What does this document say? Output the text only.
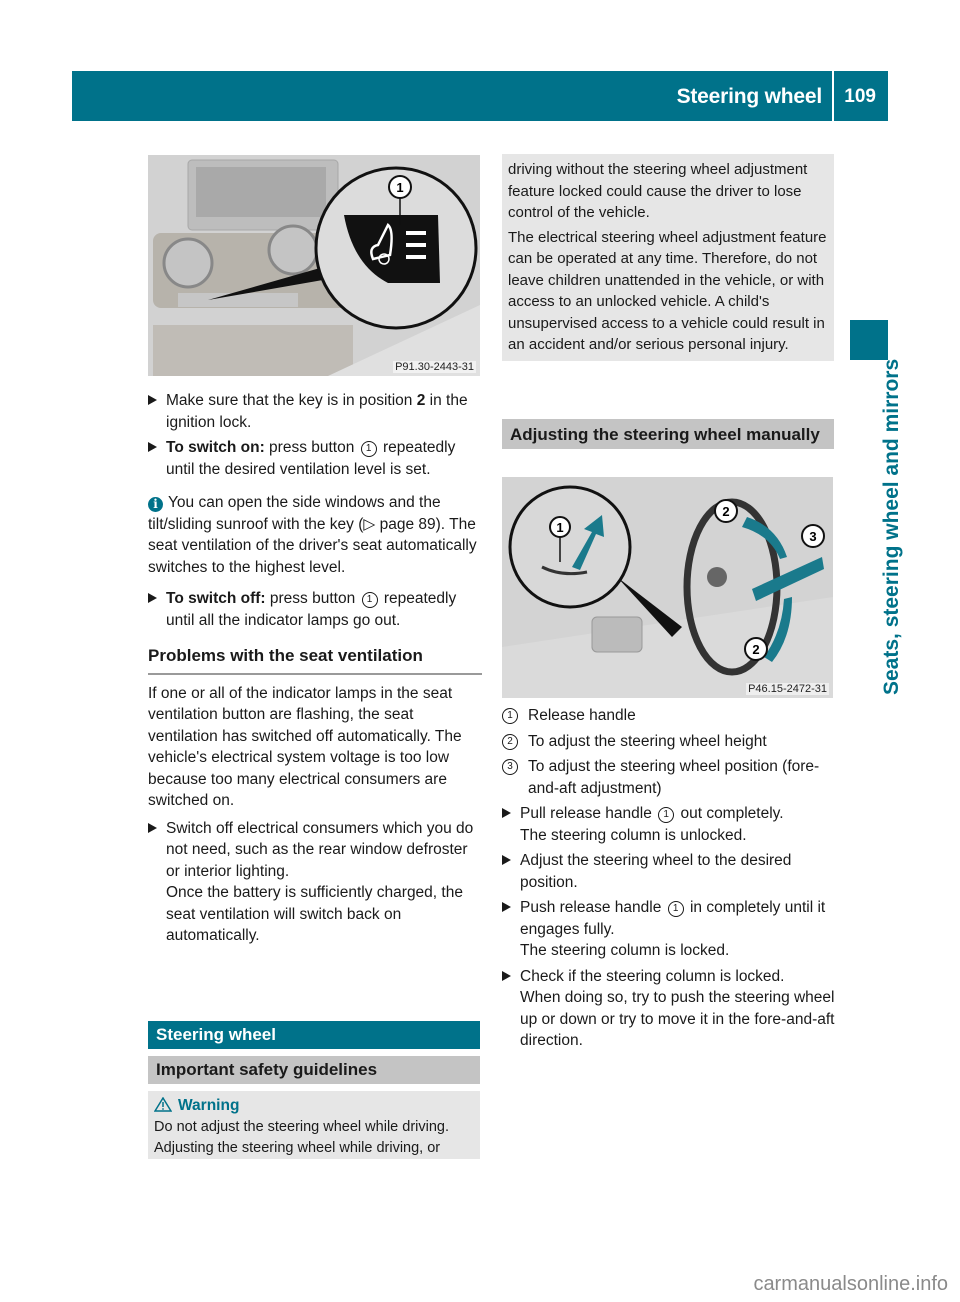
Steering wheel 109
Seats, steering wheel and mirrors
1
P91.30-2443-31
Make sure that the key is in position 2 in the ignition lock.
To switch on: press button 1 repeatedly until the desired ventilation level is set.
i You can open the side windows and the tilt/sliding sunroof with the key (▷ page 89). The seat ventilation of the driver's seat automatically switches to the highest level.
To switch off: press button 1 repeatedly until all the indicator lamps go out.
Problems with the seat ventilation
If one or all of the indicator lamps in the seat ventilation button are flashing, the seat ventilation has switched off automatically. The vehicle's electrical system voltage is too low because too many electrical consumers are switched on.
Switch off electrical consumers which you do not need, such as the rear window defroster or interior lighting.
Once the battery is sufficiently charged, the seat ventilation will switch back on automatically.
Steering wheel
Important safety guidelines
Warning
Do not adjust the steering wheel while driving. Adjusting the steering wheel while driving, or
driving without the steering wheel adjustment feature locked could cause the driver to lose control of the vehicle.
The electrical steering wheel adjustment feature can be operated at any time. Therefore, do not leave children unattended in the vehicle, or with access to an unlocked vehicle. A child's unsupervised access to a vehicle could result in an accident and/or serious personal injury.
Adjusting the steering wheel manually
1
2
3
2
P46.15-2472-31
1 Release handle
2 To adjust the steering wheel height
3 To adjust the steering wheel position (fore-and-aft adjustment)
Pull release handle 1 out completely.
The steering column is unlocked.
Adjust the steering wheel to the desired position.
Push release handle 1 in completely until it engages fully.
The steering column is locked.
Check if the steering column is locked.
When doing so, try to push the steering wheel up or down or try to move it in the fore-and-aft direction.
carmanualsonline.info
